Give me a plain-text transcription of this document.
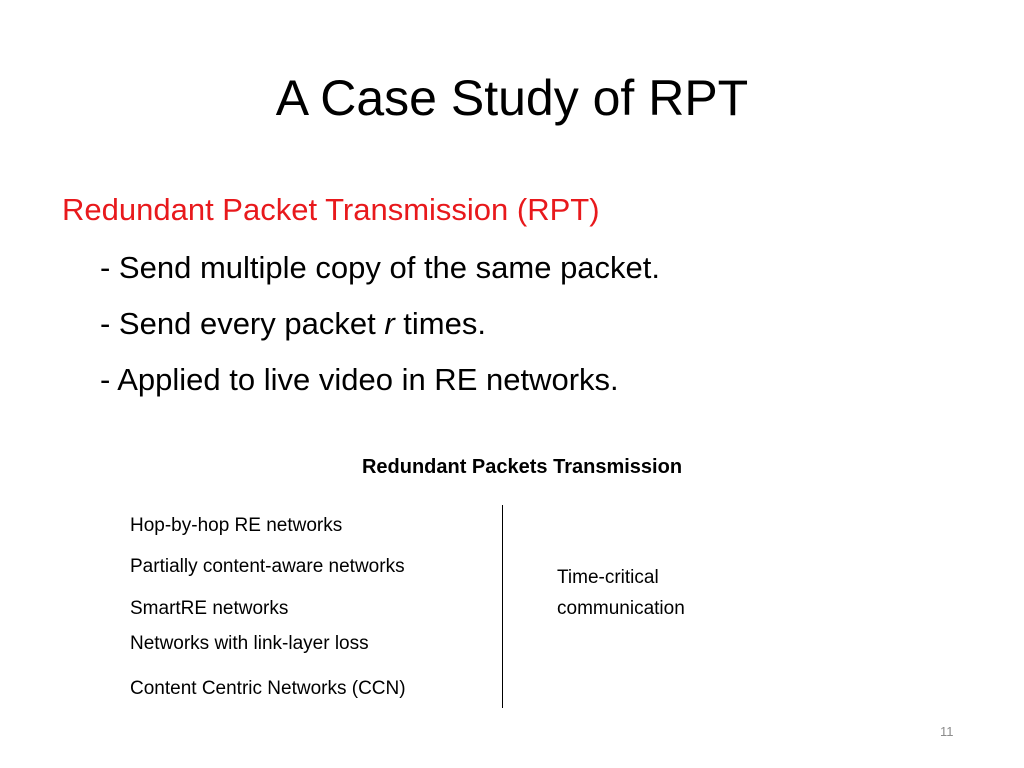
A Case Study of RPT
Redundant Packet Transmission (RPT)
- Send multiple copy of the same packet.
- Send every packet r times.
- Applied to live video in RE networks.
Redundant Packets Transmission
Hop-by-hop RE networks
Partially content-aware networks
SmartRE networks
Networks with link-layer loss
Content Centric Networks (CCN)
Time-critical
communication
11
